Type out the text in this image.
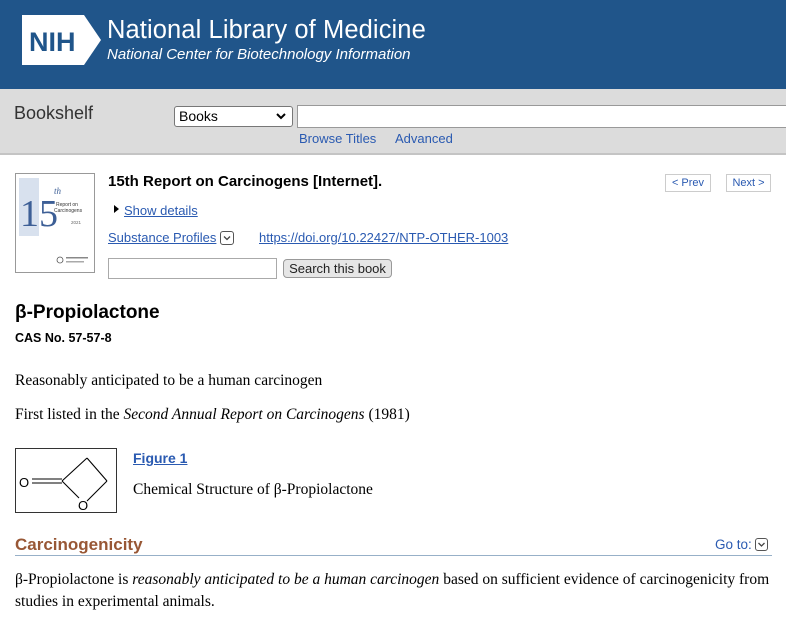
NIH National Library of Medicine
National Center for Biotechnology Information
Bookshelf	Books
Browse Titles Advanced
15
th
Report on
Carcinogens
2021
15th Report on Carcinogens [Internet].
Show details
Substance Profiles	https://doi.org/10.22427/NTP-OTHER-1003
Search this book
< Prev	Next >
β-Propiolactone
CAS No. 57-57-8
Reasonably anticipated to be a human carcinogen
First listed in the Second Annual Report on Carcinogens (1981)
O
O
Figure 1
Chemical Structure of β-Propiolactone
Carcinogenicity	Go to:
β-Propiolactone is reasonably anticipated to be a human carcinogen based on sufficient evidence of carcinogenicity from studies in experimental animals.
